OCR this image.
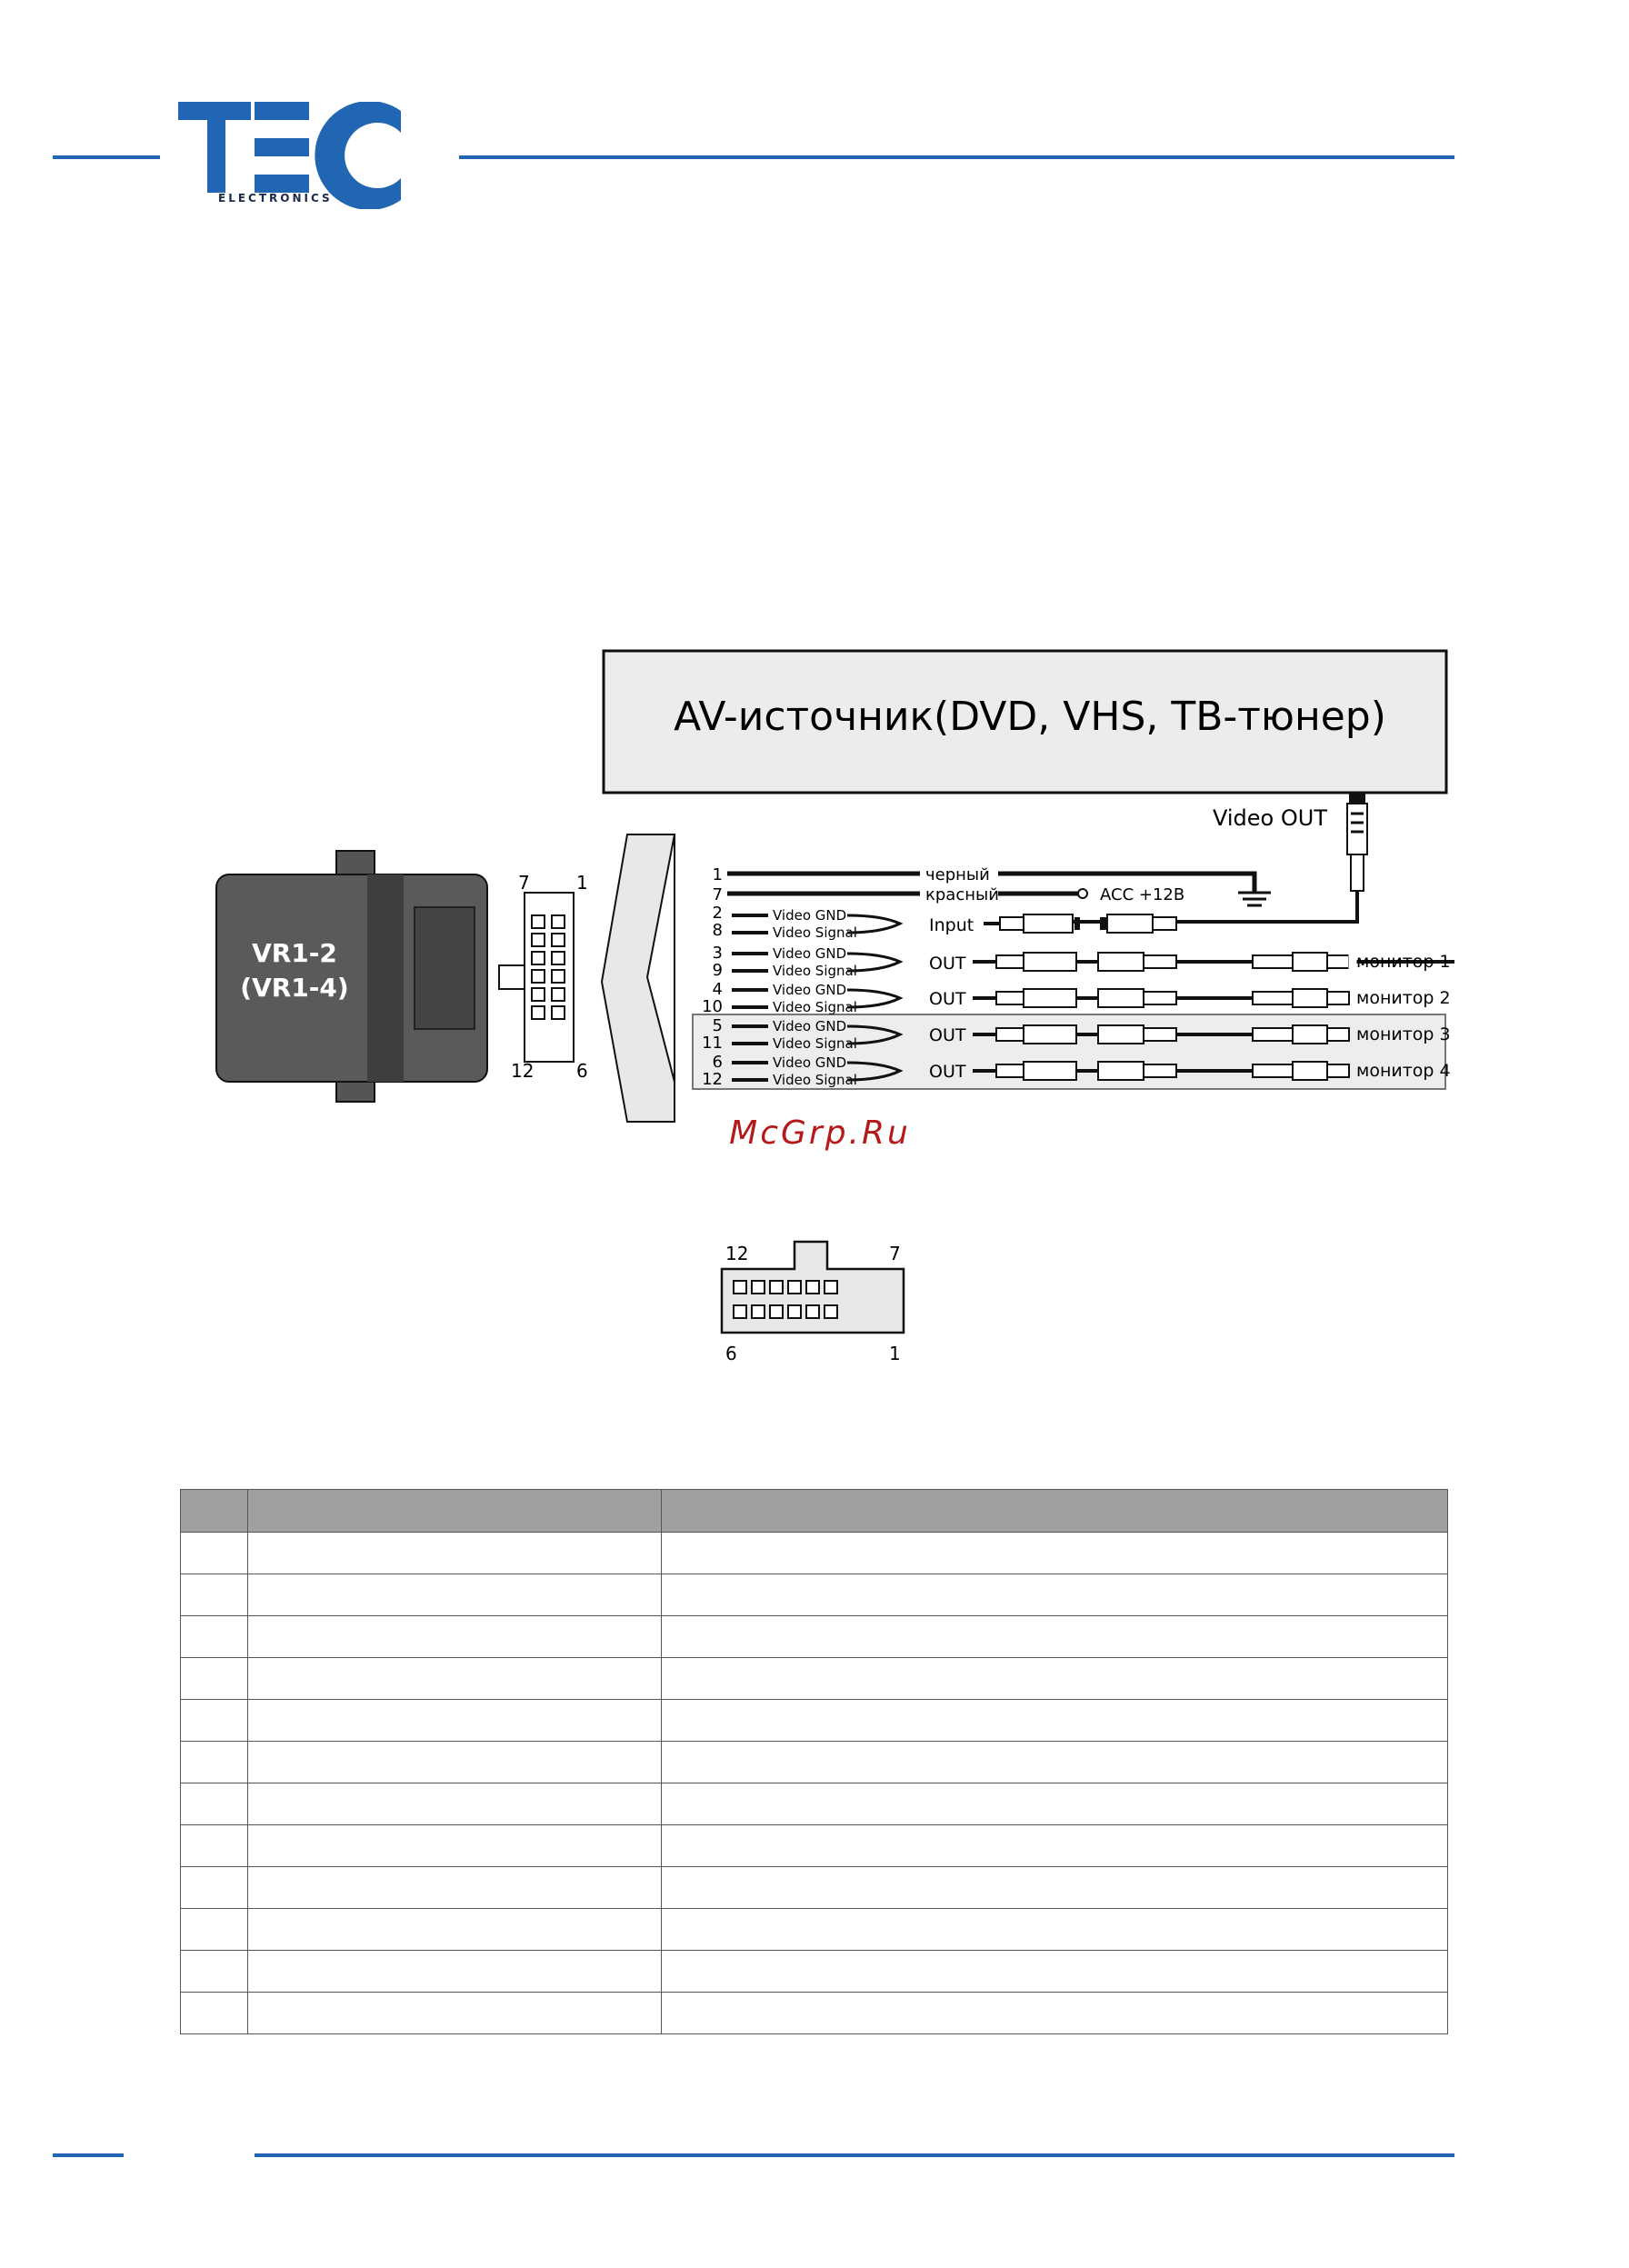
ELECTRONICS
AV-источник(DVD, VHS, ТВ-тюнер)
Video OUT
VR1-2
(VR1-4)
7	1
12 6
1	черный
7	красный	ACC +12В
2
8
Video GND
Video Signal	Input
3
9
Video GND
Video Signal	OUT	монитор 1
4
10
Video GND
Video Signal	OUT	монитор 2
5
11
Video GND
Video Signal	OUT	монитор 3
6
12
Video GND
Video Signal	OUT	монитор 4
McGrp.Ru
12	7
6	1
